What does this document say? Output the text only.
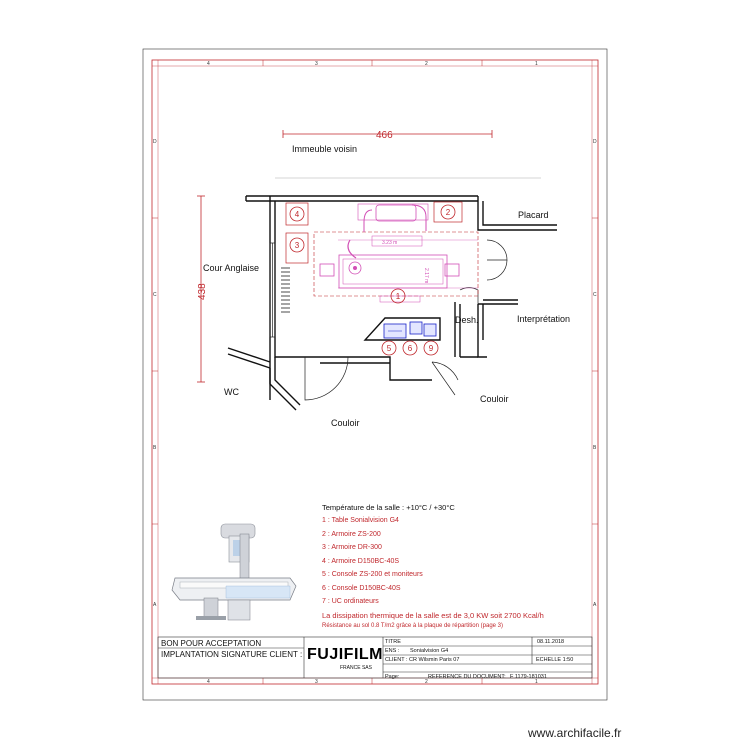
4	3	2	1
4	3	2	1
D
C
B
A
D
C
B
A
466
438
3.23 m
2.17 m
1
2
3
4
5 6 9
Immeuble voisin
Cour Anglaise
Placard
Interprétation
Desh.
WC
Couloir
Couloir
Température de la salle : +10°C / +30°C
1 : Table Sonialvision G4
2 : Armoire ZS-200
3 : Armoire DR-300
4 : Armoire D150BC-40S
5 : Console ZS-200 et moniteurs
6 : Console D150BC-40S
7 : UC ordinateurs
La dissipation thermique de la salle est de 3,0 KW soit 2700 Kcal/h
Résistance au sol 0.8 T/m2 grâce à la plaque de répartition (page 3)
BON POUR ACCEPTATION
IMPLANTATION SIGNATURE CLIENT : FUJIFILM
FRANCE SAS
TITRE	08.11.2018
ENS : Sonialvision G4
CLIENT : CR Wilsmin Paris 07	ECHELLE 1:50
Page:	REFERENCE DU DOCUMENT: F 1179-181031
www.archifacile.fr
